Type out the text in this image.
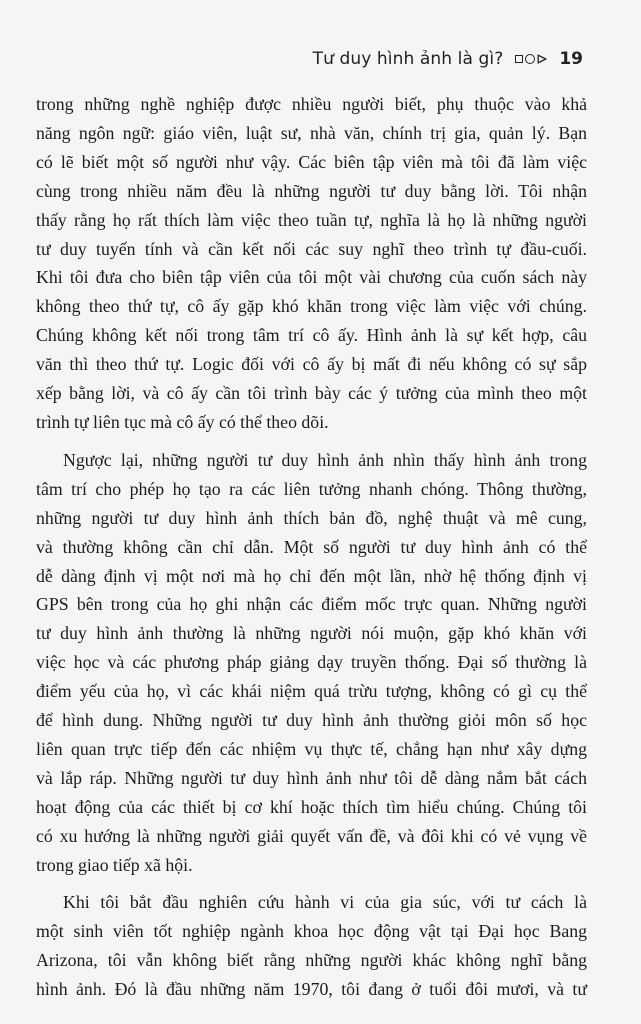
Tư duy hình ảnh là gì?	19

trong những nghề nghiệp được nhiều người biết, phụ thuộc vào khả
năng ngôn ngữ: giáo viên, luật sư, nhà văn, chính trị gia, quản lý. Bạn
có lẽ biết một số người như vậy. Các biên tập viên mà tôi đã làm việc
cùng trong nhiều năm đều là những người tư duy bằng lời. Tôi nhận
thấy rằng họ rất thích làm việc theo tuần tự, nghĩa là họ là những người
tư duy tuyến tính và cần kết nối các suy nghĩ theo trình tự đầu-cuối.
Khi tôi đưa cho biên tập viên của tôi một vài chương của cuốn sách này
không theo thứ tự, cô ấy gặp khó khăn trong việc làm việc với chúng.
Chúng không kết nối trong tâm trí cô ấy. Hình ảnh là sự kết hợp, câu
văn thì theo thứ tự. Logic đối với cô ấy bị mất đi nếu không có sự sắp
xếp bằng lời, và cô ấy cần tôi trình bày các ý tưởng của mình theo một
trình tự liên tục mà cô ấy có thể theo dõi.

Ngược lại, những người tư duy hình ảnh nhìn thấy hình ảnh trong
tâm trí cho phép họ tạo ra các liên tưởng nhanh chóng. Thông thường,
những người tư duy hình ảnh thích bản đồ, nghệ thuật và mê cung,
và thường không cần chỉ dẫn. Một số người tư duy hình ảnh có thể
dễ dàng định vị một nơi mà họ chỉ đến một lần, nhờ hệ thống định vị
GPS bên trong của họ ghi nhận các điểm mốc trực quan. Những người
tư duy hình ảnh thường là những người nói muộn, gặp khó khăn với
việc học và các phương pháp giảng dạy truyền thống. Đại số thường là
điểm yếu của họ, vì các khái niệm quá trừu tượng, không có gì cụ thể
để hình dung. Những người tư duy hình ảnh thường giỏi môn số học
liên quan trực tiếp đến các nhiệm vụ thực tế, chẳng hạn như xây dựng
và lắp ráp. Những người tư duy hình ảnh như tôi dễ dàng nắm bắt cách
hoạt động của các thiết bị cơ khí hoặc thích tìm hiểu chúng. Chúng tôi
có xu hướng là những người giải quyết vấn đề, và đôi khi có vẻ vụng về
trong giao tiếp xã hội.

Khi tôi bắt đầu nghiên cứu hành vi của gia súc, với tư cách là
một sinh viên tốt nghiệp ngành khoa học động vật tại Đại học Bang
Arizona, tôi vẫn không biết rằng những người khác không nghĩ bằng
hình ảnh. Đó là đầu những năm 1970, tôi đang ở tuổi đôi mươi, và tư
